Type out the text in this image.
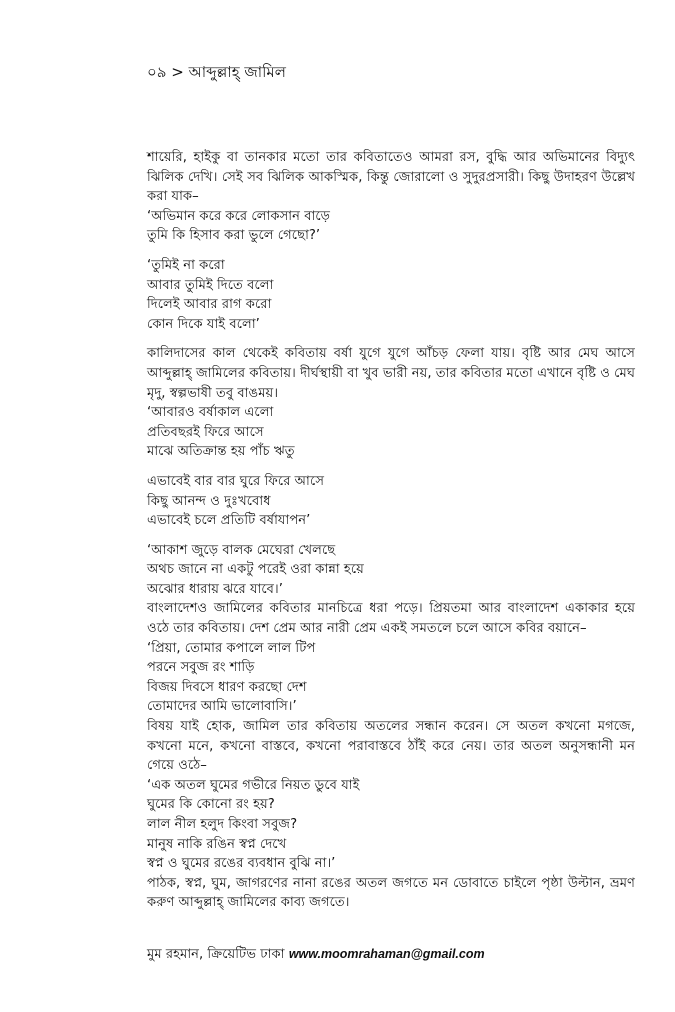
০৯ > আব্দুল্লাহ্‌ জামিল

শায়েরি, হাইকু বা তানকার মতো তার কবিতাতেও আমরা রস, বুদ্ধি আর অভিমানের বিদ্যুৎ ঝিলিক দেখি। সেই সব ঝিলিক আকস্মিক, কিন্তু জোরালো ও সুদুরপ্রসারী। কিছু উদাহরণ উল্লেখ করা যাক–

‘অভিমান করে করে লোকসান বাড়ে

তুমি কি হিসাব করা ভুলে গেছো?’

‘তুমিই না করো

আবার তুমিই দিতে বলো

দিলেই আবার রাগ করো

কোন দিকে যাই বলো’

কালিদাসের কাল থেকেই কবিতায় বর্ষা যুগে যুগে আঁচড় ফেলা যায়। বৃষ্টি আর মেঘ আসে আব্দুল্লাহ্‌ জামিলের কবিতায়। দীর্ঘস্থায়ী বা খুব ভারী নয়, তার কবিতার মতো এখানে বৃষ্টি ও মেঘ মৃদু, স্বল্পভাষী তবু বাঙময়।

‘আবারও বর্ষাকাল এলো

প্রতিবছরই ফিরে আসে

মাঝে অতিক্রান্ত হয় পাঁচ ঋতু

এভাবেই বার বার ঘুরে ফিরে আসে

কিছু আনন্দ ও দুঃখবোধ

এভাবেই চলে প্রতিটি বর্ষাযাপন’

‘আকাশ জুড়ে বালক মেঘেরা খেলছে

অথচ জানে না একটু পরেই ওরা কান্না হয়ে

অঝোর ধারায় ঝরে যাবে।’

বাংলাদেশও জামিলের কবিতার মানচিত্রে ধরা পড়ে। প্রিয়তমা আর বাংলাদেশ একাকার হয়ে ওঠে তার কবিতায়। দেশ প্রেম আর নারী প্রেম একই সমতলে চলে আসে কবির বয়ানে–

‘প্রিয়া, তোমার কপালে লাল টিপ

পরনে সবুজ রং শাড়ি

বিজয় দিবসে ধারণ করছো দেশ

তোমাদের আমি ভালোবাসি।’

বিষয় যাই হোক, জামিল তার কবিতায় অতলের সন্ধান করেন। সে অতল কখনো মগজে, কখনো মনে, কখনো বাস্তবে, কখনো পরাবাস্তবে ঠাঁই করে নেয়। তার অতল অনুসন্ধানী মন গেয়ে ওঠে–

‘এক অতল ঘুমের গভীরে নিয়ত ডুবে যাই

ঘুমের কি কোনো রং হয়?

লাল নীল হলুদ কিংবা সবুজ?

মানুষ নাকি রঙিন স্বপ্ন দেখে

স্বপ্ন ও ঘুমের রঙের ব্যবধান বুঝি না।’

পাঠক, স্বপ্ন, ঘুম, জাগরণের নানা রঙের অতল জগতে মন ডোবাতে চাইলে পৃষ্ঠা উল্টান, ভ্রমণ করুণ আব্দুল্লাহ্‌ জামিলের কাব্য জগতে।

মুম রহমান, ক্রিয়েটিভ ঢাকা www.moomrahaman@gmail.com
